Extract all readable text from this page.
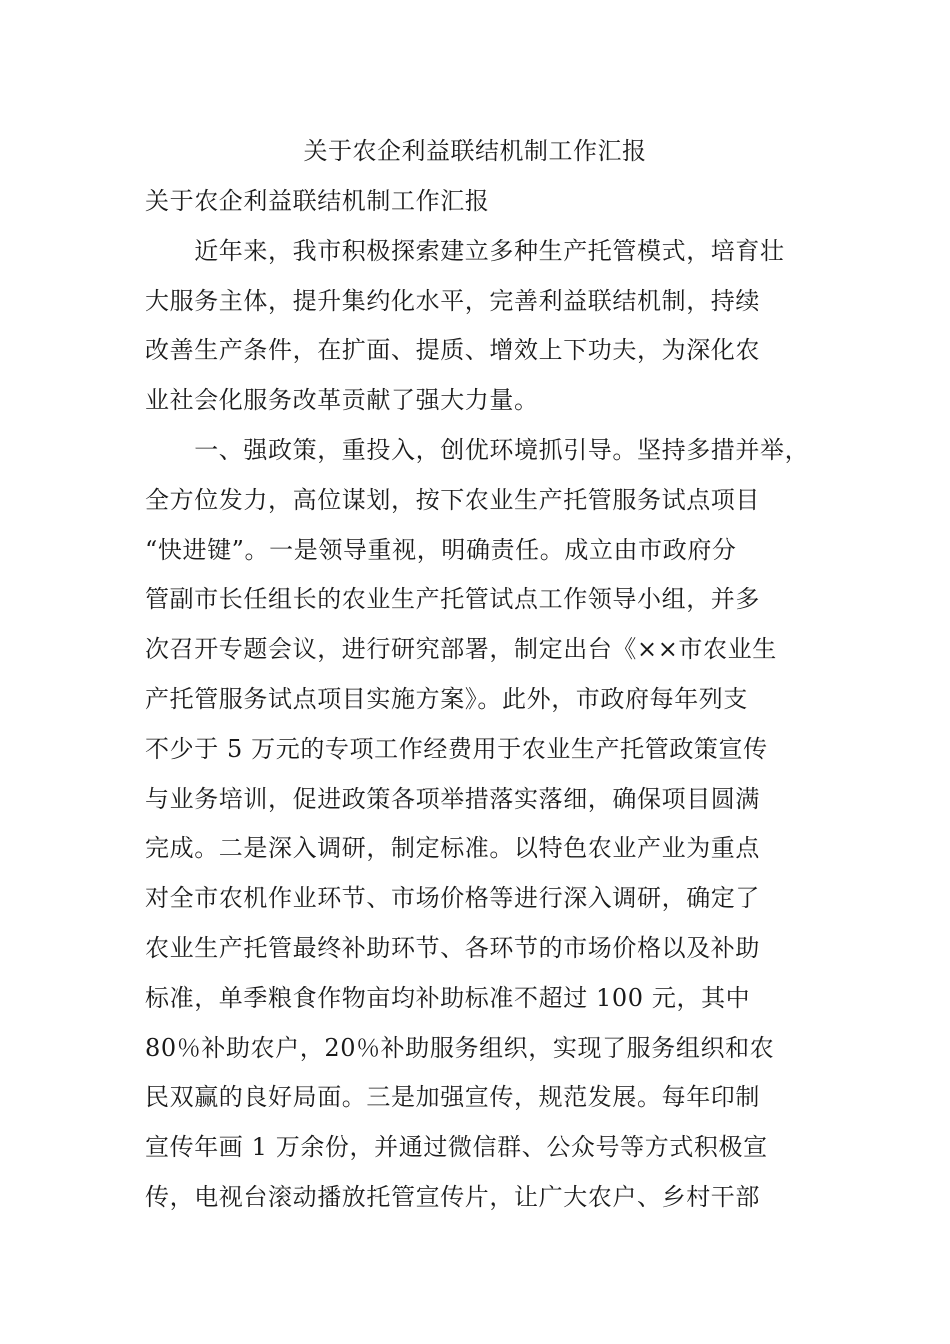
关于农企利益联结机制工作汇报
关于农企利益联结机制工作汇报
　　近年来，我市积极探索建立多种生产托管模式，培育壮
大服务主体，提升集约化水平，完善利益联结机制，持续
改善生产条件，在扩面、提质、增效上下功夫，为深化农
业社会化服务改革贡献了强大力量。
　　一、强政策，重投入，创优环境抓引导。坚持多措并举，
全方位发力，高位谋划，按下农业生产托管服务试点项目
“快进键”。一是领导重视，明确责任。成立由市政府分
管副市长任组长的农业生产托管试点工作领导小组，并多
次召开专题会议，进行研究部署，制定出台《××市农业生
产托管服务试点项目实施方案》。此外，市政府每年列支
不少于 5 万元的专项工作经费用于农业生产托管政策宣传
与业务培训，促进政策各项举措落实落细，确保项目圆满
完成。二是深入调研，制定标准。以特色农业产业为重点
对全市农机作业环节、市场价格等进行深入调研，确定了
农业生产托管最终补助环节、各环节的市场价格以及补助
标准，单季粮食作物亩均补助标准不超过 100 元，其中
80％补助农户，20％补助服务组织，实现了服务组织和农
民双赢的良好局面。三是加强宣传，规范发展。每年印制
宣传年画 1 万余份，并通过微信群、公众号等方式积极宣
传，电视台滚动播放托管宣传片，让广大农户、乡村干部
